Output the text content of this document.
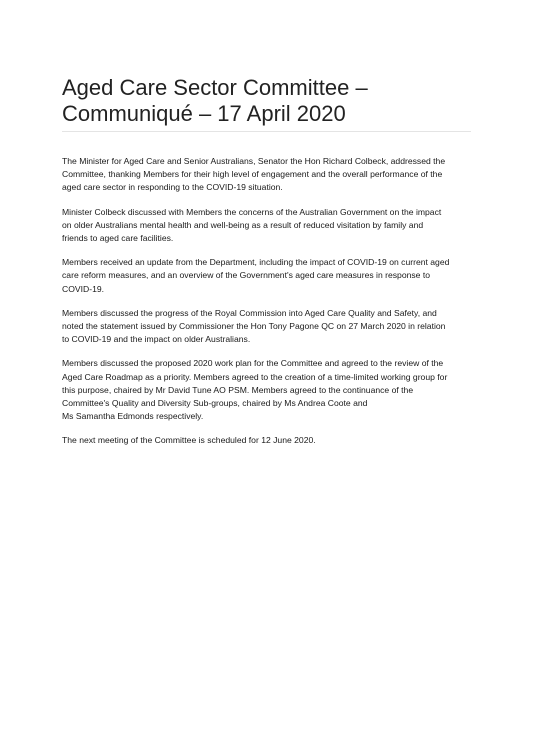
Aged Care Sector Committee –
Communiqué – 17 April 2020

The Minister for Aged Care and Senior Australians, Senator the Hon Richard Colbeck, addressed the
Committee, thanking Members for their high level of engagement and the overall performance of the
aged care sector in responding to the COVID-19 situation.

Minister Colbeck discussed with Members the concerns of the Australian Government on the impact
on older Australians mental health and well-being as a result of reduced visitation by family and
friends to aged care facilities.

Members received an update from the Department, including the impact of COVID-19 on current aged
care reform measures, and an overview of the Government's aged care measures in response to
COVID-19.

Members discussed the progress of the Royal Commission into Aged Care Quality and Safety, and
noted the statement issued by Commissioner the Hon Tony Pagone QC on 27 March 2020 in relation
to COVID-19 and the impact on older Australians.

Members discussed the proposed 2020 work plan for the Committee and agreed to the review of the
Aged Care Roadmap as a priority. Members agreed to the creation of a time-limited working group for
this purpose, chaired by Mr David Tune AO PSM. Members agreed to the continuance of the
Committee's Quality and Diversity Sub-groups, chaired by Ms Andrea Coote and
Ms Samantha Edmonds respectively.

The next meeting of the Committee is scheduled for 12 June 2020.
